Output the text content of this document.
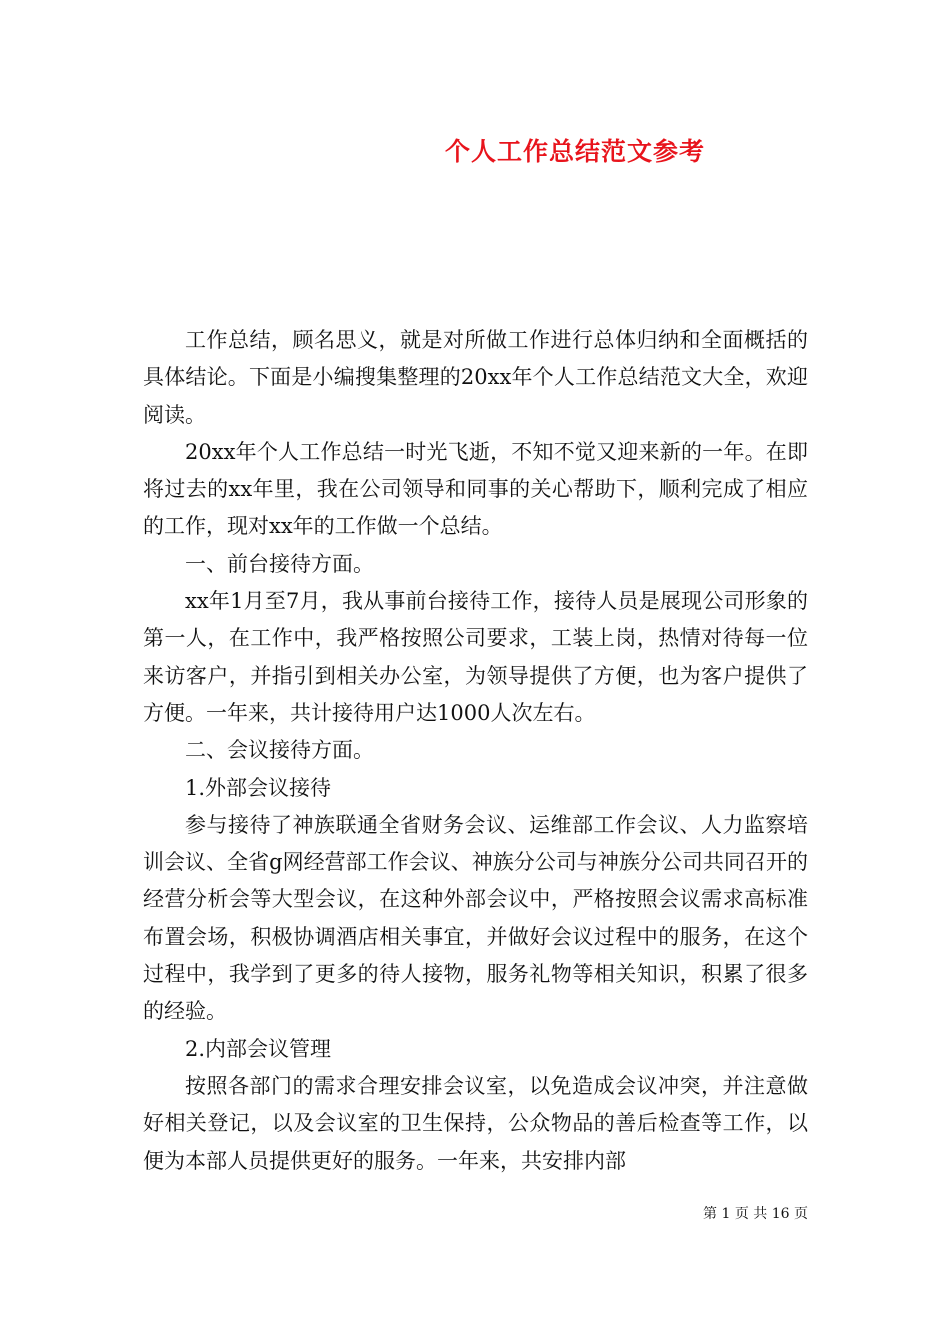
个人工作总结范文参考

工作总结，顾名思义，就是对所做工作进行总体归纳和全面概括的具体结论。下面是小编搜集整理的20xx年个人工作总结范文大全，欢迎阅读。

20xx年个人工作总结一时光飞逝，不知不觉又迎来新的一年。在即将过去的xx年里，我在公司领导和同事的关心帮助下，顺利完成了相应的工作，现对xx年的工作做一个总结。

一、前台接待方面。

xx年1月至7月，我从事前台接待工作，接待人员是展现公司形象的第一人，在工作中，我严格按照公司要求，工装上岗，热情对待每一位来访客户，并指引到相关办公室，为领导提供了方便，也为客户提供了方便。一年来，共计接待用户达1000人次左右。

二、会议接待方面。

1.外部会议接待

参与接待了神族联通全省财务会议、运维部工作会议、人力监察培训会议、全省g网经营部工作会议、神族分公司与神族分公司共同召开的经营分析会等大型会议，在这种外部会议中，严格按照会议需求高标准布置会场，积极协调酒店相关事宜，并做好会议过程中的服务，在这个过程中，我学到了更多的待人接物，服务礼物等相关知识，积累了很多的经验。

2.内部会议管理

按照各部门的需求合理安排会议室，以免造成会议冲突，并注意做好相关登记，以及会议室的卫生保持，公众物品的善后检查等工作，以便为本部人员提供更好的服务。一年来，共安排内部

第 1 页 共 16 页
